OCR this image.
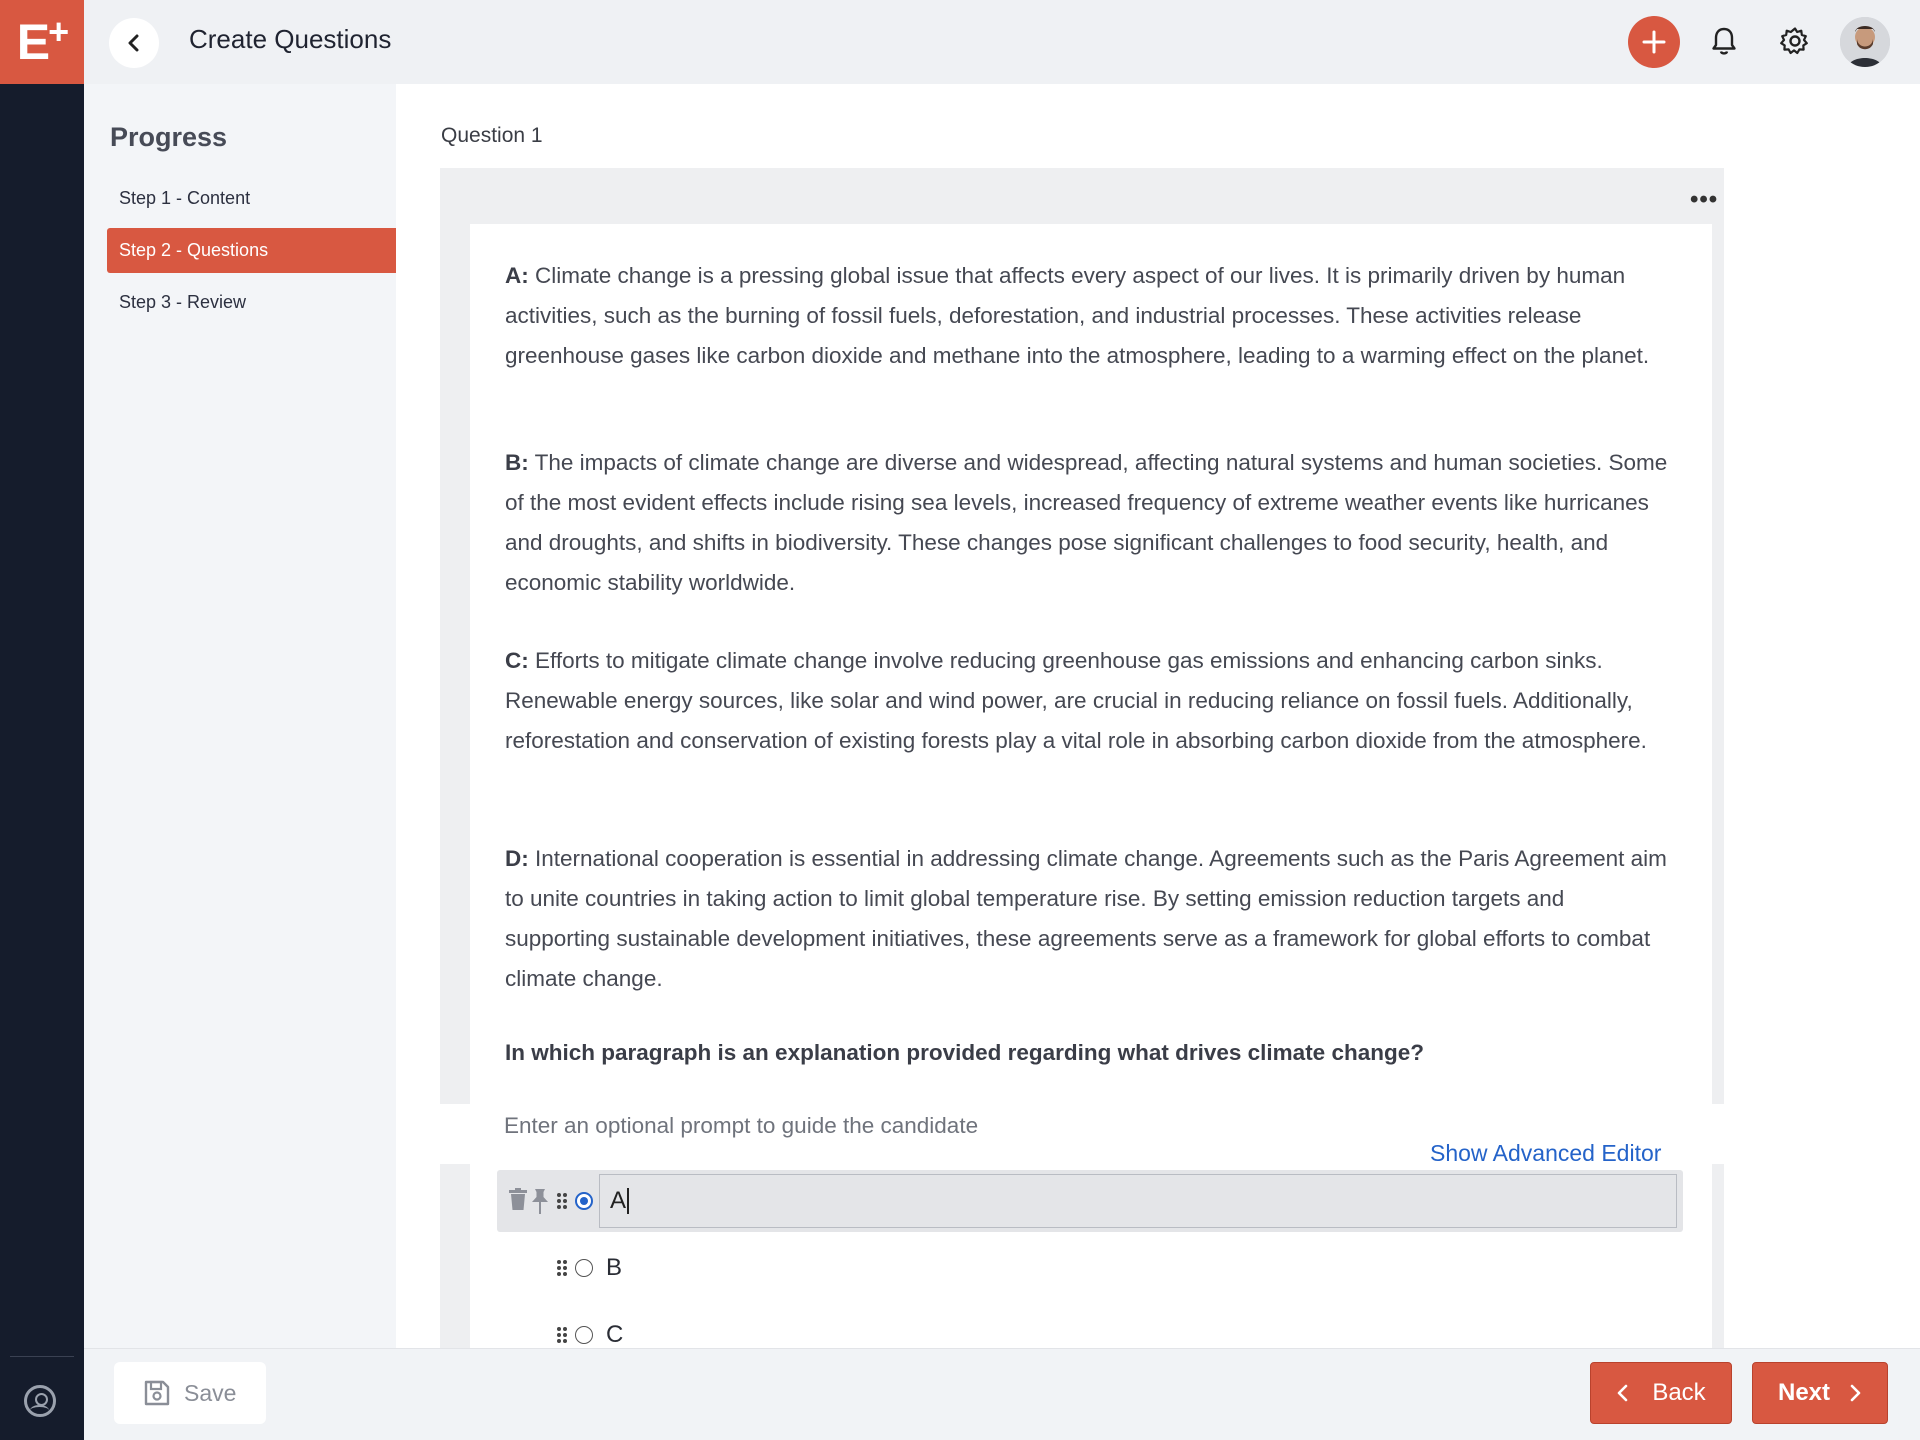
E+	Create Questions
Progress
Step 1 - Content
Step 2 - Questions
Step 3 - Review
Question 1
•••
A: Climate change is a pressing global issue that affects every aspect of our lives. It is primarily driven by human activities, such as the burning of fossil fuels, deforestation, and industrial processes. These activities release greenhouse gases like carbon dioxide and methane into the atmosphere, leading to a warming effect on the planet.
B: The impacts of climate change are diverse and widespread, affecting natural systems and human societies. Some of the most evident effects include rising sea levels, increased frequency of extreme weather events like hurricanes and droughts, and shifts in biodiversity. These changes pose significant challenges to food security, health, and economic stability worldwide.
C: Efforts to mitigate climate change involve reducing greenhouse gas emissions and enhancing carbon sinks. Renewable energy sources, like solar and wind power, are crucial in reducing reliance on fossil fuels. Additionally, reforestation and conservation of existing forests play a vital role in absorbing carbon dioxide from the atmosphere.
D: International cooperation is essential in addressing climate change. Agreements such as the Paris Agreement aim to unite countries in taking action to limit global temperature rise. By setting emission reduction targets and supporting sustainable development initiatives, these agreements serve as a framework for global efforts to combat climate change.
In which paragraph is an explanation provided regarding what drives climate change?
Enter an optional prompt to guide the candidate
Show Advanced Editor
A
B
C
Save	Back	Next
